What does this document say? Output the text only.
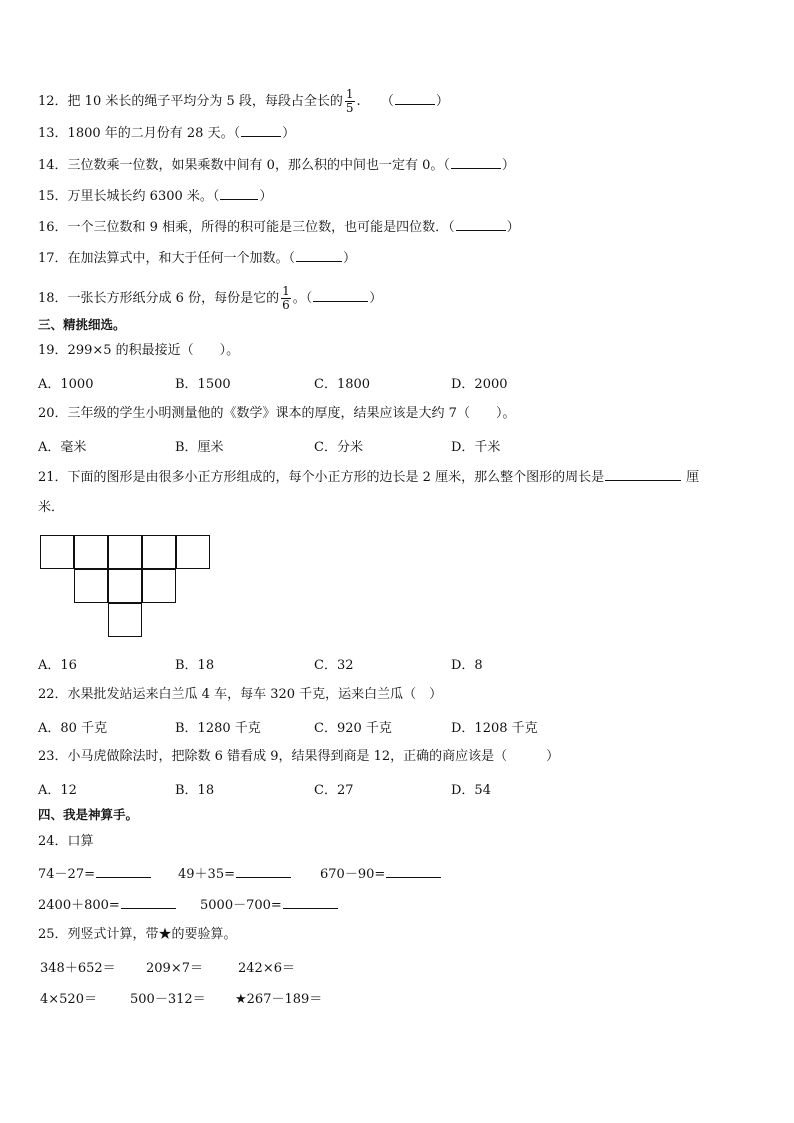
12．把 10 米长的绳子平均分为 5 段，每段占全长的 $\frac{1}{5}$ . （	）
13．1800 年的二月份有 28 天。（	）
14．三位数乘一位数，如果乘数中间有 0，那么积的中间也一定有 0。（	）
15．万里长城长约 6300 米。（	）
16．一个三位数和 9 相乘，所得的积可能是三位数，也可能是四位数．（	）
17．在加法算式中，和大于任何一个加数。（	）
18．一张长方形纸分成 6 份，每份是它的 $\frac{1}{6}$ 。（	）
三、精挑细选。
19．299×5 的积最接近（　　）。
A．1000	B．1500	C．1800	D．2000
20．三年级的学生小明测量他的《数学》课本的厚度，结果应该是大约 7（　　）。
A．毫米	B．厘米	C．分米	D．千米
21．下面的图形是由很多小正方形组成的，每个小正方形的边长是 2 厘米，那么整个图形的周长是	厘
米．
A．16	B．18	C．32	D．8
22．水果批发站运来白兰瓜 4 车，每车 320 千克，运来白兰瓜（　）
A．80 千克	B．1280 千克	C．920 千克	D．1208 千克
23．小马虎做除法时，把除数 6 错看成 9，结果得到商是 12，正确的商应该是（　　　）
A．12	B．18	C．27	D．54
四、我是神算手。
24．口算
74－27=	49＋35=	670－90=
2400＋800=	5000－700=
25．列竖式计算，带★的要验算。
348＋652＝ 209×7＝	242×6＝
4×520＝	500－312＝ ★267－189＝
